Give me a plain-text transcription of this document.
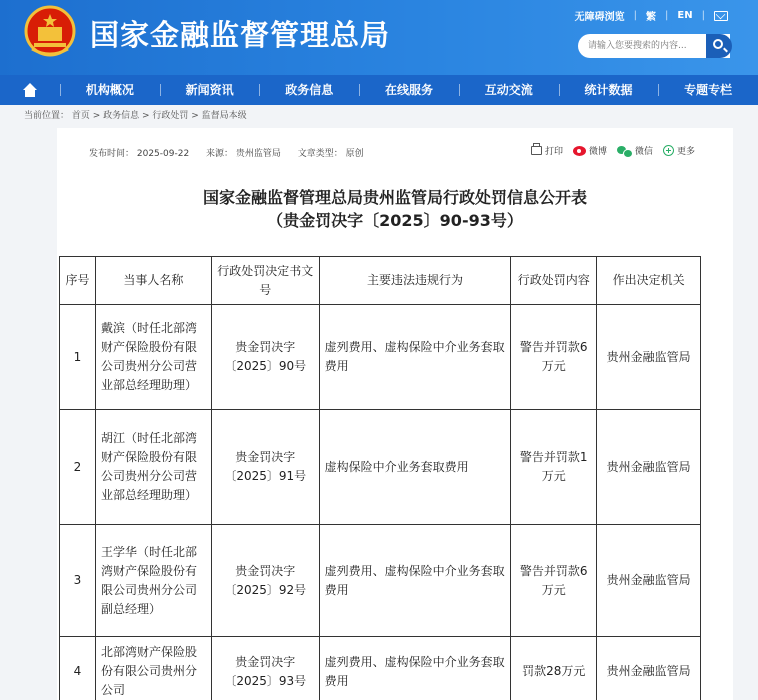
国家金融监督管理总局
无障碍浏览 | 繁 | EN |
请输入您要搜索的内容...
机构概况	新闻资讯	政务信息	在线服务	互动交流	统计数据	专题专栏
当前位置： 首页 > 政务信息 > 行政处罚 > 监督局本级
发布时间： 2025-09-22 来源： 贵州监管局 文章类型： 原创	打印	微博	微信	更多
国家金融监督管理总局贵州监管局行政处罚信息公开表
（贵金罚决字〔2025〕90-93号）
序号	当事人名称	行政处罚决定书文号	主要违法违规行为	行政处罚内容	作出决定机关
1	戴滨（时任北部湾财产保险股份有限公司贵州分公司营业部总经理助理）	贵金罚决字〔2025〕90号	虚列费用、虚构保险中介业务套取费用	警告并罚款6万元	贵州金融监管局
2	胡江（时任北部湾财产保险股份有限公司贵州分公司营业部总经理助理）	贵金罚决字〔2025〕91号	虚构保险中介业务套取费用	警告并罚款1万元	贵州金融监管局
3	王学华（时任北部湾财产保险股份有限公司贵州分公司副总经理）	贵金罚决字〔2025〕92号	虚列费用、虚构保险中介业务套取费用	警告并罚款6万元	贵州金融监管局
4	北部湾财产保险股份有限公司贵州分公司	贵金罚决字〔2025〕93号	虚列费用、虚构保险中介业务套取费用	罚款28万元	贵州金融监管局
